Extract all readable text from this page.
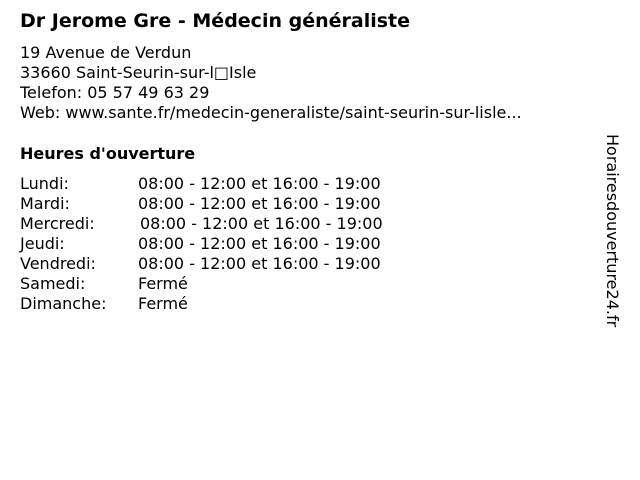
Dr Jerome Gre - Médecin généraliste
19 Avenue de Verdun
33660 Saint-Seurin-sur-l□Isle
Telefon: 05 57 49 63 29
Web: www.sante.fr/medecin-generaliste/saint-seurin-sur-lisle...
Heures d'ouverture
Lundi:	08:00 - 12:00 et 16:00 - 19:00
Mardi:	08:00 - 12:00 et 16:00 - 19:00
Mercredi:	08:00 - 12:00 et 16:00 - 19:00
Jeudi:	08:00 - 12:00 et 16:00 - 19:00
Vendredi:	08:00 - 12:00 et 16:00 - 19:00
Samedi:	Fermé
Dimanche: Fermé	Horairesdouverture24.fr
